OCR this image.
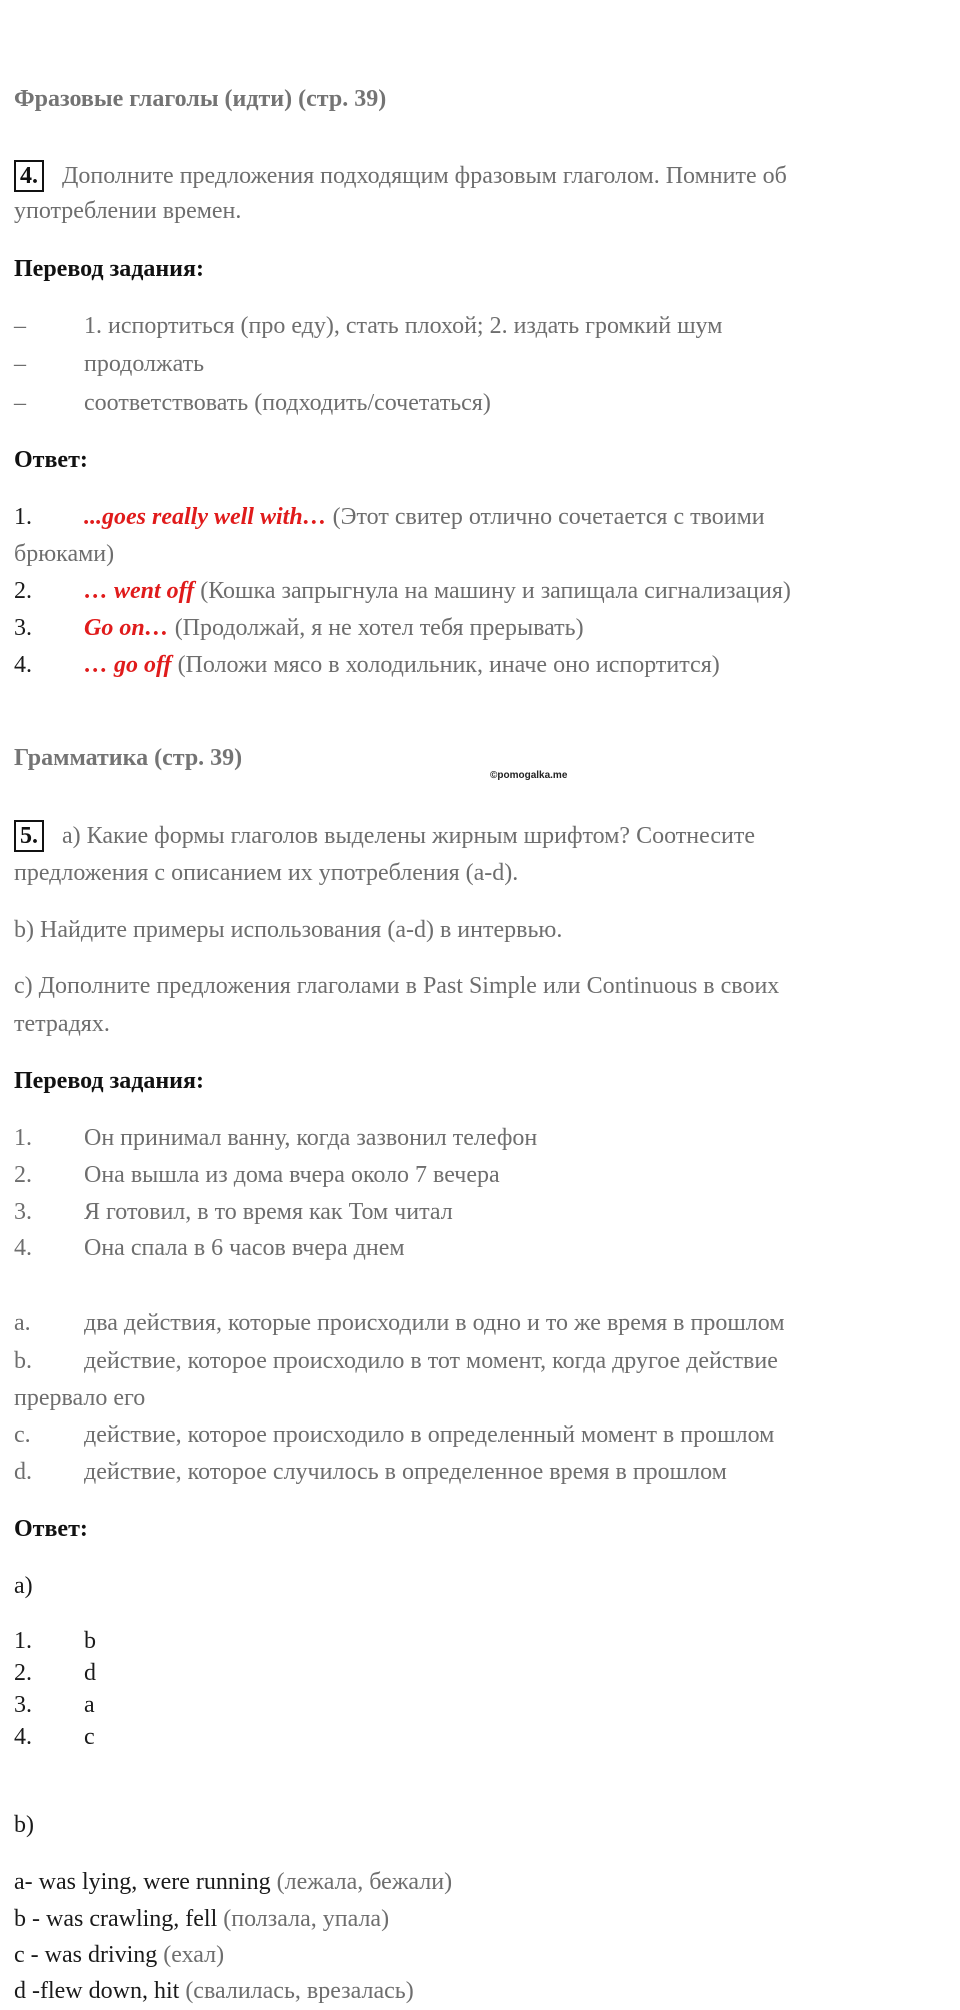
Фразовые глаголы (идти) (стр. 39)
4. Дополните предложения подходящим фразовым глаголом. Помните об
употреблении времен.
Перевод задания:
– 1. испортиться (про еду), стать плохой; 2. издать громкий шум
– продолжать
– соответствовать (подходить/сочетаться)
Ответ:
1. ...goes really well with… (Этот свитер отлично сочетается с твоими
брюками)
2. … went off (Кошка запрыгнула на машину и запищала сигнализация)
3. Go on… (Продолжай, я не хотел тебя прерывать)
4. … go off (Положи мясо в холодильник, иначе оно испортится)
Грамматика (стр. 39)
©pomogalka.me
5. a) Какие формы глаголов выделены жирным шрифтом? Соотнесите
предложения с описанием их употребления (a-d).
b) Найдите примеры использования (a-d) в интервью.
c) Дополните предложения глаголами в Past Simple или Continuous в своих
тетрадях.
Перевод задания:
1. Он принимал ванну, когда зазвонил телефон
2. Она вышла из дома вчера около 7 вечера
3. Я готовил, в то время как Том читал
4. Она спала в 6 часов вчера днем
a. два действия, которые происходили в одно и то же время в прошлом
b. действие, которое происходило в тот момент, когда другое действие
прервало его
c. действие, которое происходило в определенный момент в прошлом
d. действие, которое случилось в определенное время в прошлом
Ответ:
a)
1. b
2. d
3. a
4. c
b)
a- was lying, were running (лежала, бежали)
b - was crawling, fell (ползала, упала)
c - was driving (ехал)
d -flew down, hit (свалилась, врезалась)
